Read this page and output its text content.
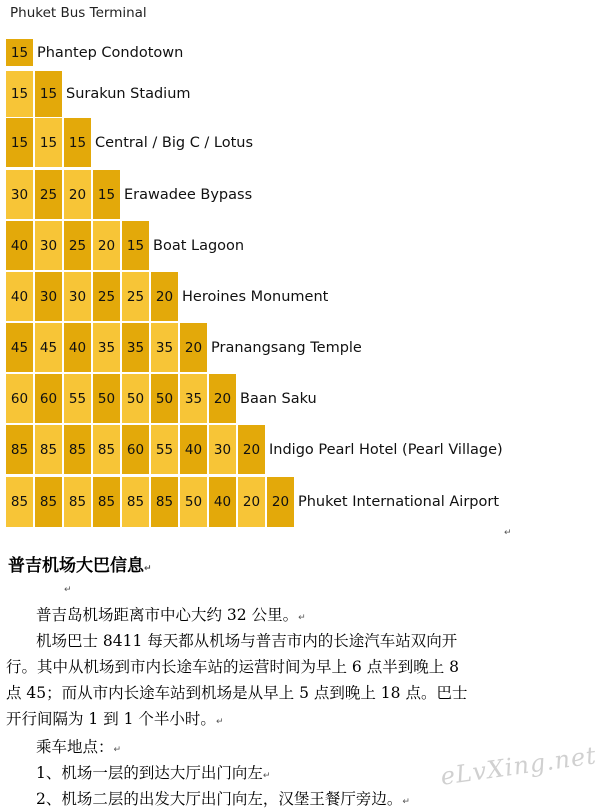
Phuket Bus Terminal
15 Phantep Condotown
15 15 Surakun Stadium
15 15 15 Central / Big C / Lotus
30 25 20 15 Erawadee Bypass
40 30 25 20 15 Boat Lagoon
40 30 30 25 25 20 Heroines Monument
45 45 40 35 35 35 20 Pranangsang Temple
60 60 55 50 50 50 35 20 Baan Saku
85 85 85 85 60 55 40 30 20 Indigo Pearl Hotel (Pearl Village)
85 85 85 85 85 85 50 40 20 20 Phuket International Airport
↵
普吉机场大巴信息↵
↵
普吉岛机场距离市中心大约 32 公里。↵
机场巴士 8411 每天都从机场与普吉市内的长途汽车站双向开
行。其中从机场到市内长途车站的运营时间为早上 6 点半到晚上 8
点 45；而从市内长途车站到机场是从早上 5 点到晚上 18 点。巴士
开行间隔为 1 到 1 个半小时。↵
乘车地点：↵
1、机场一层的到达大厅出门向左↵
2、机场二层的出发大厅出门向左，汉堡王餐厅旁边。↵
eLvXing.net
